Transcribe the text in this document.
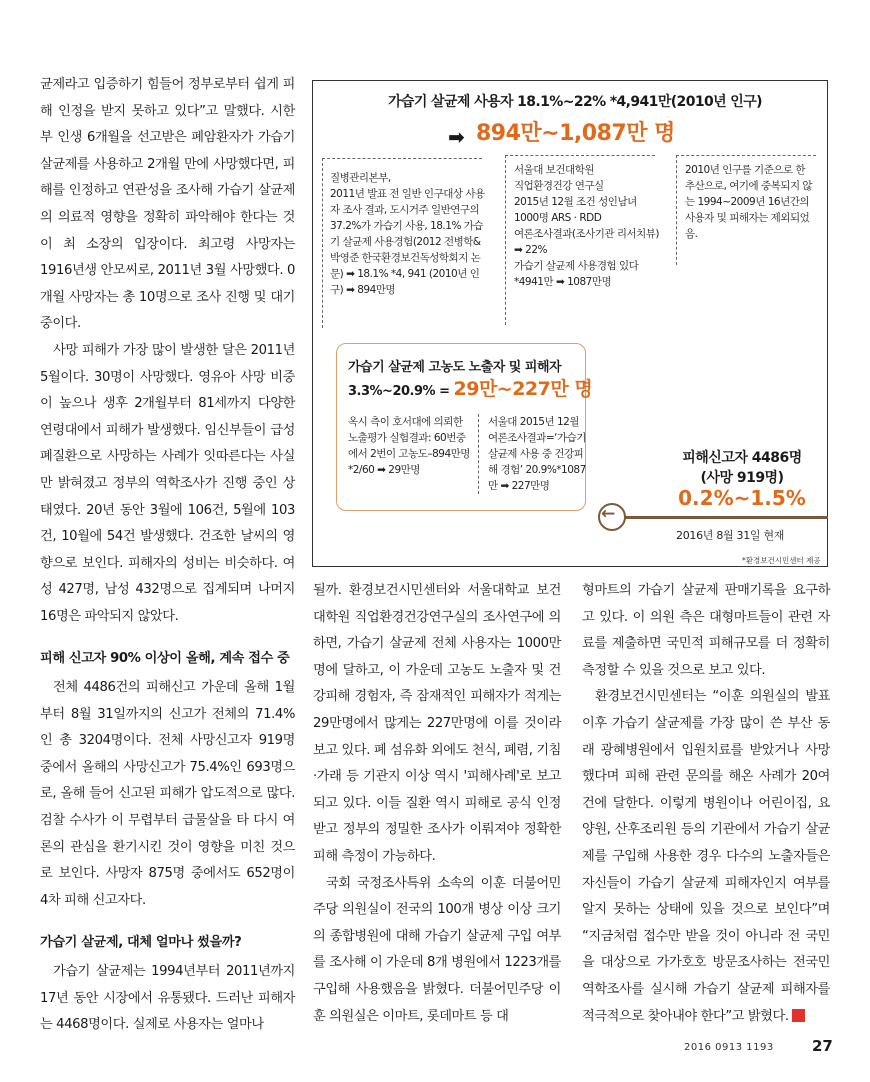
균제라고 입증하기 힘들어 정부로부터 쉽게 피해 인정을 받지 못하고 있다”고 말했다. 시한부 인생 6개월을 선고받은 폐암환자가 가습기 살균제를 사용하고 2개월 만에 사망했다면, 피해를 인정하고 연관성을 조사해 가습기 살균제의 의료적 영향을 정확히 파악해야 한다는 것이 최 소장의 입장이다. 최고령 사망자는 1916년생 안모씨로, 2011년 3월 사망했다. 0개월 사망자는 총 10명으로 조사 진행 및 대기 중이다.

사망 피해가 가장 많이 발생한 달은 2011년 5월이다. 30명이 사망했다. 영유아 사망 비중이 높으나 생후 2개월부터 81세까지 다양한 연령대에서 피해가 발생했다. 임신부들이 급성 폐질환으로 사망하는 사례가 잇따른다는 사실만 밝혀졌고 정부의 역학조사가 진행 중인 상태였다. 20년 동안 3월에 106건, 5월에 103건, 10월에 54건 발생했다. 건조한 날씨의 영향으로 보인다. 피해자의 성비는 비슷하다. 여성 427명, 남성 432명으로 집계되며 나머지 16명은 파악되지 않았다.

피해 신고자 90% 이상이 올해, 계속 접수 중

전체 4486건의 피해신고 가운데 올해 1월부터 8월 31일까지의 신고가 전체의 71.4%인 총 3204명이다. 전체 사망신고자 919명 중에서 올해의 사망신고가 75.4%인 693명으로, 올해 들어 신고된 피해가 압도적으로 많다. 검찰 수사가 이 무렵부터 급물살을 타 다시 여론의 관심을 환기시킨 것이 영향을 미친 것으로 보인다. 사망자 875명 중에서도 652명이 4차 피해 신고자다.

가습기 살균제, 대체 얼마나 썼을까?

가습기 살균제는 1994년부터 2011년까지 17년 동안 시장에서 유통됐다. 드러난 피해자는 4468명이다. 실제로 사용자는 얼마나

가습기 살균제 사용자 18.1%~22% *4,941만(2010년 인구)
➡ 894만~1,087만 명
질병관리본부,
2011년 발표 전 일반 인구대상 사용자 조사 결과, 도시거주 일반연구의 37.2%가 가습기 사용, 18.1% 가습기 살균제 사용경험(2012 전병학&박영준 한국환경보건독성학회지 논문) ➡ 18.1% *4, 941 (2010년 인구) ➡ 894만명
서울대 보건대학원
직업환경건강 연구실
2015년 12월 조건 성인남녀 1000명 ARS · RDD
여론조사결과(조사기관 리서치뷰) ➡ 22%
가습기 살균제 사용경험 있다
*4941만 ➡ 1087만명
2010년 인구를 기준으로 한 추산으로, 여기에 중복되지 않는 1994~2009년 16년간의 사용자 및 피해자는 제외되었음.
가습기 살균제 고농도 노출자 및 피해자
3.3%~20.9% = 29만~227만 명
옥시 측이 호서대에 의뢰한 노출평가 실험결과: 60번중에서 2번이 고농도–894만명 *2/60 ➡ 29만명
서울대 2015년 12월 여론조사결과=‘가습기 살균제 사용 중 건강피해 경험’ 20.9%*1087만 ➡ 227만명
피해신고자 4486명
(사망 919명)
0.2%~1.5%
←
2016년 8월 31일 현재
*환경보건시민센터 제공

될까. 환경보건시민센터와 서울대학교 보건대학원 직업환경건강연구실의 조사연구에 의하면, 가습기 살균제 전체 사용자는 1000만명에 달하고, 이 가운데 고농도 노출자 및 건강피해 경험자, 즉 잠재적인 피해자가 적게는 29만명에서 많게는 227만명에 이를 것이라 보고 있다. 폐 섬유화 외에도 천식, 폐렴, 기침·가래 등 기관지 이상 역시 '피해사례'로 보고되고 있다. 이들 질환 역시 피해로 공식 인정받고 정부의 정밀한 조사가 이뤄져야 정확한 피해 측정이 가능하다.

국회 국정조사특위 소속의 이훈 더불어민주당 의원실이 전국의 100개 병상 이상 크기의 종합병원에 대해 가습기 살균제 구입 여부를 조사해 이 가운데 8개 병원에서 1223개를 구입해 사용했음을 밝혔다. 더불어민주당 이훈 의원실은 이마트, 롯데마트 등 대

형마트의 가습기 살균제 판매기록을 요구하고 있다. 이 의원 측은 대형마트들이 관련 자료를 제출하면 국민적 피해규모를 더 정확히 측정할 수 있을 것으로 보고 있다.

환경보건시민센터는 “이훈 의원실의 발표 이후 가습기 살균제를 가장 많이 쓴 부산 동래 광혜병원에서 입원치료를 받았거나 사망했다며 피해 관련 문의를 해온 사례가 20여 건에 달한다. 이렇게 병원이나 어린이집, 요양원, 산후조리원 등의 기관에서 가습기 살균제를 구입해 사용한 경우 다수의 노출자들은 자신들이 가습기 살균제 피해자인지 여부를 알지 못하는 상태에 있을 것으로 보인다”며 “지금처럼 접수만 받을 것이 아니라 전 국민을 대상으로 가가호호 방문조사하는 전국민 역학조사를 실시해 가습기 살균제 피해자를 적극적으로 찾아내야 한다”고 밝혔다. K

2016 0913 1193	27
